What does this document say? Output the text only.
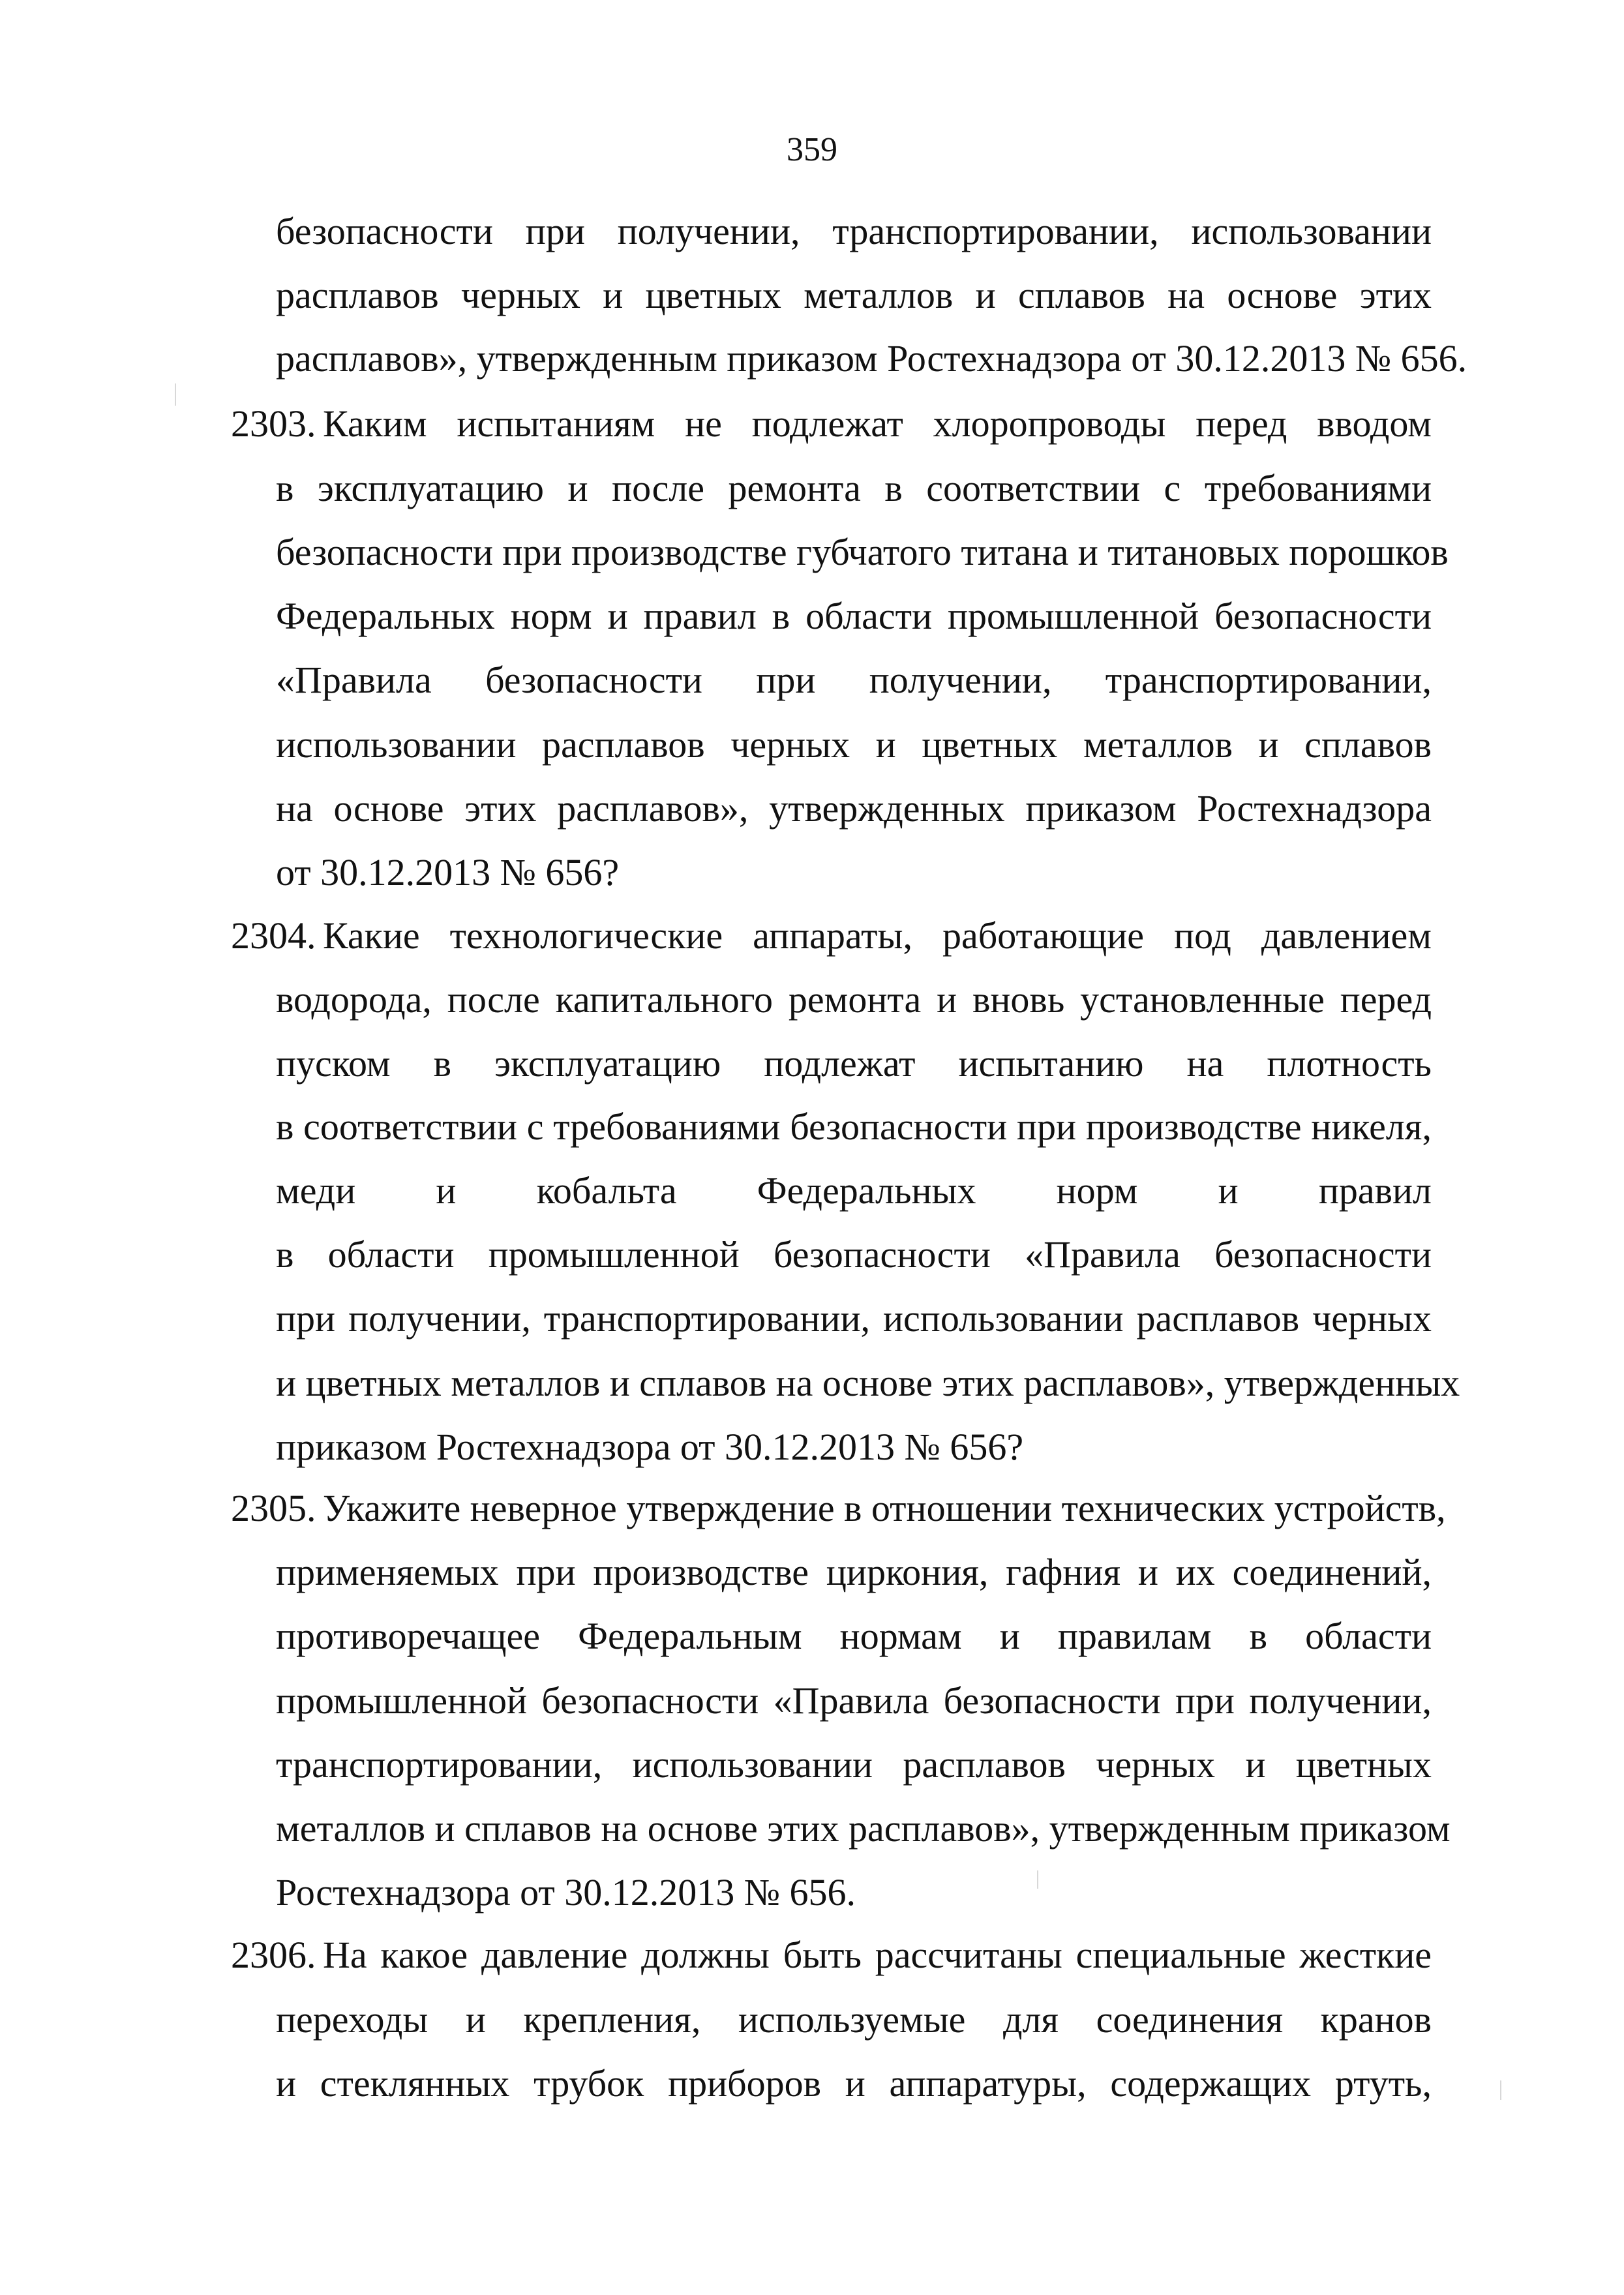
359
безопасности при получении, транспортировании, использовании
расплавов черных и цветных металлов и сплавов на основе этих
расплавов», утвержденным приказом Ростехнадзора от 30.12.2013 № 656.
2303. Каким испытаниям не подлежат хлоропроводы перед вводом
в эксплуатацию и после ремонта в соответствии с требованиями
безопасности при производстве губчатого титана и титановых порошков
Федеральных норм и правил в области промышленной безопасности
«Правила безопасности при получении, транспортировании,
использовании расплавов черных и цветных металлов и сплавов
на основе этих расплавов», утвержденных приказом Ростехнадзора
от 30.12.2013 № 656?
2304. Какие технологические аппараты, работающие под давлением
водорода, после капитального ремонта и вновь установленные перед
пуском в эксплуатацию подлежат испытанию на плотность
в соответствии с требованиями безопасности при производстве никеля,
меди и кобальта Федеральных норм и правил
в области промышленной безопасности «Правила безопасности
при получении, транспортировании, использовании расплавов черных
и цветных металлов и сплавов на основе этих расплавов», утвержденных
приказом Ростехнадзора от 30.12.2013 № 656?
2305. Укажите неверное утверждение в отношении технических устройств,
применяемых при производстве циркония, гафния и их соединений,
противоречащее Федеральным нормам и правилам в области
промышленной безопасности «Правила безопасности при получении,
транспортировании, использовании расплавов черных и цветных
металлов и сплавов на основе этих расплавов», утвержденным приказом
Ростехнадзора от 30.12.2013 № 656.
2306. На какое давление должны быть рассчитаны специальные жесткие
переходы и крепления, используемые для соединения кранов
и стеклянных трубок приборов и аппаратуры, содержащих ртуть,
